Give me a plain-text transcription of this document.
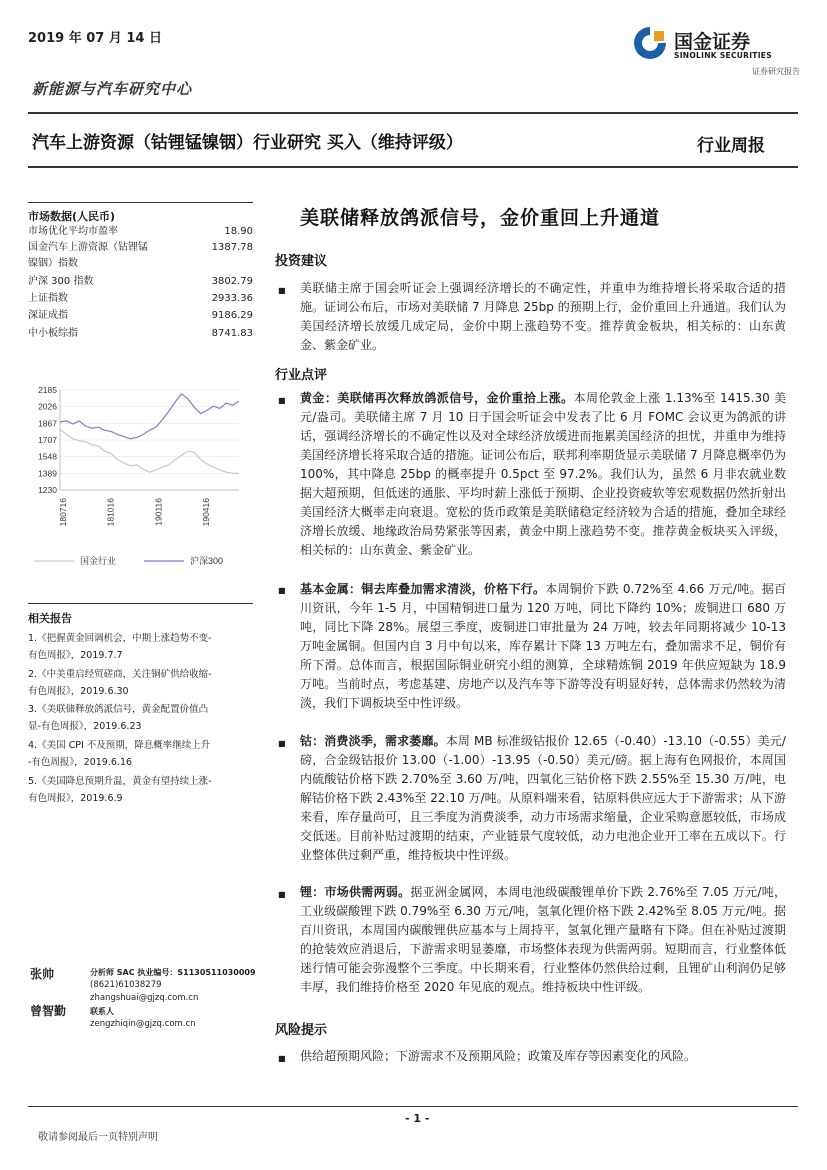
2019 年 07 月 14 日
新能源与汽车研究中心
国金证券
SINOLINK SECURITIES
证券研究报告
汽车上游资源（钴锂锰镍铟）行业研究 买入（维持评级）	行业周报
市场数据(人民币)
市场优化平均市盈率	18.90
国金汽车上游资源（钴锂锰	1387.78
镍铟）指数
沪深 300 指数	3802.79
上证指数	2933.36
深证成指	9186.29
中小板综指	8741.83
2185
2026
1867
1707
1548
1389
1230
180716	181016	190116	190416
国金行业	沪深300
相关报告
1.《把握黄金回调机会，中期上涨趋势不变-
有色周报》，2019.7.7
2.《中美重启经贸磋商，关注铜矿供给收缩-
有色周报》，2019.6.30
3.《美联储释放鸽派信号，黄金配置价值凸
显-有色周报》，2019.6.23
4.《美国 CPI 不及预期，降息概率继续上升
-有色周报》，2019.6.16
5.《美国降息预期升温，黄金有望持续上涨-
有色周报》，2019.6.9
张帅	分析师 SAC 执业编号：S1130511030009
(8621)61038279
zhangshuai@gjzq.com.cn
曾智勤	联系人
zengzhiqin@gjzq.com.cn
美联储释放鸽派信号，金价重回上升通道
投资建议
■ 美联储主席于国会听证会上强调经济增长的不确定性，并重申为维持增长将采取合适的措施。证词公布后，市场对美联储 7 月降息 25bp 的预期上行，金价重回上升通道。我们认为美国经济增长放缓几成定局，金价中期上涨趋势不变。推荐黄金板块，相关标的：山东黄金、紫金矿业。
行业点评
■ 黄金：美联储再次释放鸽派信号，金价重拾上涨。本周伦敦金上涨 1.13%至 1415.30 美元/盎司。美联储主席 7 月 10 日于国会听证会中发表了比 6 月 FOMC 会议更为鸽派的讲话，强调经济增长的不确定性以及对全球经济放缓进而拖累美国经济的担忧，并重申为维持美国经济增长将采取合适的措施。证词公布后，联邦利率期货显示美联储 7 月降息概率仍为 100%，其中降息 25bp 的概率提升 0.5pct 至 97.2%。我们认为，虽然 6 月非农就业数据大超预期，但低迷的通胀、平均时薪上涨低于预期、企业投资疲软等宏观数据仍然折射出美国经济大概率走向衰退。宽松的货币政策是美联储稳定经济较为合适的措施，叠加全球经济增长放缓、地缘政治局势紧张等因素，黄金中期上涨趋势不变。推荐黄金板块买入评级，相关标的：山东黄金、紫金矿业。
■ 基本金属：铜去库叠加需求清淡，价格下行。本周铜价下跌 0.72%至 4.66 万元/吨。据百川资讯，今年 1-5 月，中国精铜进口量为 120 万吨，同比下降约 10%；废铜进口 680 万吨，同比下降 28%。展望三季度，废铜进口审批量为 24 万吨，较去年同期将减少 10-13 万吨金属铜。但国内自 3 月中旬以来，库存累计下降 13 万吨左右，叠加需求不足，铜价有所下滑。总体而言，根据国际铜业研究小组的测算，全球精炼铜 2019 年供应短缺为 18.9 万吨。当前时点，考虑基建、房地产以及汽车等下游等没有明显好转，总体需求仍然较为清淡，我们下调板块至中性评级。
■ 钴：消费淡季，需求萎靡。本周 MB 标准级钴报价 12.65（-0.40）-13.10（-0.55）美元/磅，合金级钴报价 13.00（-1.00）-13.95（-0.50）美元/磅。据上海有色网报价，本周国内硫酸钴价格下跌 2.70%至 3.60 万/吨，四氧化三钴价格下跌 2.55%至 15.30 万/吨，电解钴价格下跌 2.43%至 22.10 万/吨。从原料端来看，钴原料供应远大于下游需求；从下游来看，库存量尚可，且三季度为消费淡季，动力市场需求缩量，企业采购意愿较低，市场成交低迷。目前补贴过渡期的结束，产业链景气度较低，动力电池企业开工率在五成以下。行业整体供过剩严重，维持板块中性评级。
■ 锂：市场供需两弱。据亚洲金属网，本周电池级碳酸锂单价下跌 2.76%至 7.05 万元/吨，工业级碳酸锂下跌 0.79%至 6.30 万元/吨，氢氧化锂价格下跌 2.42%至 8.05 万元/吨。据百川资讯，本周国内碳酸锂供应基本与上周持平，氢氧化锂产量略有下降。但在补贴过渡期的抢装效应消退后，下游需求明显萎靡，市场整体表现为供需两弱。短期而言，行业整体低迷行情可能会弥漫整个三季度。中长期来看，行业整体仍然供给过剩，且锂矿山利润仍足够丰厚，我们维持价格至 2020 年见底的观点。维持板块中性评级。
风险提示
■ 供给超预期风险；下游需求不及预期风险；政策及库存等因素变化的风险。
- 1 -
敬请参阅最后一页特别声明
